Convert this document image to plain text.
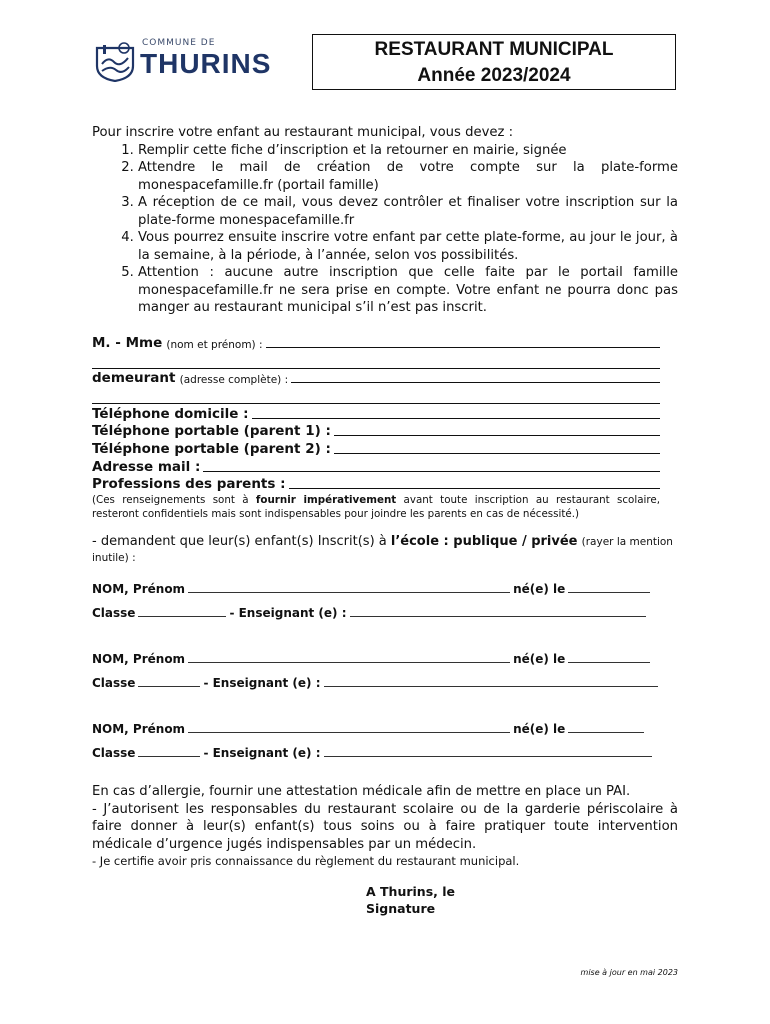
COMMUNE DE
THURINS	RESTAURANT MUNICIPAL
Année 2023/2024
Pour inscrire votre enfant au restaurant municipal, vous devez :
1. Remplir cette fiche d’inscription et la retourner en mairie, signée
2. Attendre le mail de création de votre compte sur la plate-forme monespacefamille.fr (portail famille)
3. A réception de ce mail, vous devez contrôler et finaliser votre inscription sur la plate-forme monespacefamille.fr
4. Vous pourrez ensuite inscrire votre enfant par cette plate-forme, au jour le jour, à la semaine, à la période, à l’année, selon vos possibilités.
5. Attention : aucune autre inscription que celle faite par le portail famille monespacefamille.fr ne sera prise en compte. Votre enfant ne pourra donc pas manger au restaurant municipal s’il n’est pas inscrit.
M. - Mme
(nom et prénom) :
demeurant
(adresse complète) :
Téléphone domicile :
Téléphone portable (parent 1) :
Téléphone portable (parent 2) :
Adresse mail :
Professions des parents :
(Ces renseignements sont à fournir impérativement avant toute inscription au restaurant scolaire, resteront confidentiels mais sont indispensables pour joindre les parents en cas de nécessité.)
- demandent que leur(s) enfant(s) Inscrit(s) à l’école : publique / privée (rayer la mention inutile) :
NOM, Prénom	né(e) le
Classe	- Enseignant (e) :
NOM, Prénom	né(e) le
Classe	- Enseignant (e) :
NOM, Prénom	né(e) le
Classe	- Enseignant (e) :
En cas d’allergie, fournir une attestation médicale afin de mettre en place un PAI.
- J’autorisent les responsables du restaurant scolaire ou de la garderie périscolaire à faire donner à leur(s) enfant(s) tous soins ou à faire pratiquer toute intervention médicale d’urgence jugés indispensables par un médecin.
- Je certifie avoir pris connaissance du règlement du restaurant municipal.
A Thurins, le
Signature
mise à jour en mai 2023
